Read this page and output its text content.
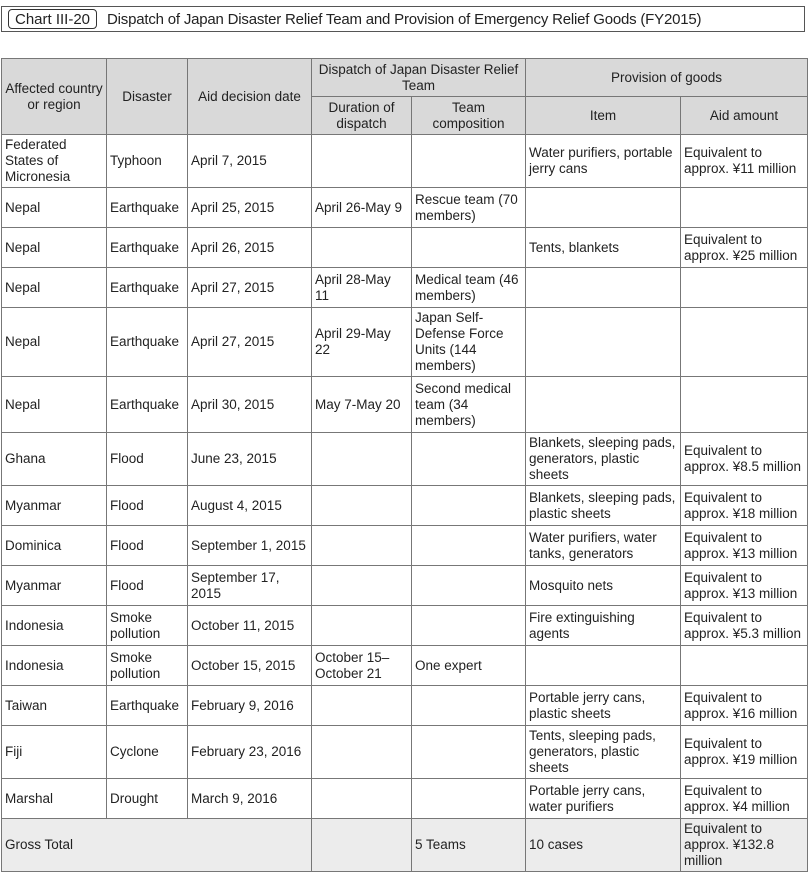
Chart III-20	Dispatch of Japan Disaster Relief Team and Provision of Emergency Relief Goods (FY2015)
Affected country or region	Disaster	Aid decision date	Dispatch of Japan Disaster Relief Team		Provision of goods	
			Duration of dispatch	Team composition	Item	Aid amount
Federated States of Micronesia	Typhoon	April 7, 2015			Water purifiers, portable jerry cans	Equivalent to approx. ¥11 million
Nepal	Earthquake	April 25, 2015	April 26-May 9	Rescue team (70 members)		
Nepal	Earthquake	April 26, 2015			Tents, blankets	Equivalent to approx. ¥25 million
Nepal	Earthquake	April 27, 2015	April 28-May 11	Medical team (46 members)		
Nepal	Earthquake	April 27, 2015	April 29-May 22	Japan Self-Defense Force Units (144 members)		
Nepal	Earthquake	April 30, 2015	May 7-May 20	Second medical team (34 members)		
Ghana	Flood	June 23, 2015			Blankets, sleeping pads, generators, plastic sheets	Equivalent to approx. ¥8.5 million
Myanmar	Flood	August 4, 2015			Blankets, sleeping pads, plastic sheets	Equivalent to approx. ¥18 million
Dominica	Flood	September 1, 2015			Water purifiers, water tanks, generators	Equivalent to approx. ¥13 million
Myanmar	Flood	September 17, 2015			Mosquito nets	Equivalent to approx. ¥13 million
Indonesia	Smoke pollution	October 11, 2015			Fire extinguishing agents	Equivalent to approx. ¥5.3 million
Indonesia	Smoke pollution	October 15, 2015	October 15–October 21	One expert		
Taiwan	Earthquake	February 9, 2016			Portable jerry cans, plastic sheets	Equivalent to approx. ¥16 million
Fiji	Cyclone	February 23, 2016			Tents, sleeping pads, generators, plastic sheets	Equivalent to approx. ¥19 million
Marshal	Drought	March 9, 2016			Portable jerry cans, water purifiers	Equivalent to approx. ¥4 million
Gross Total				5 Teams	10 cases	Equivalent to approx. ¥132.8 million
